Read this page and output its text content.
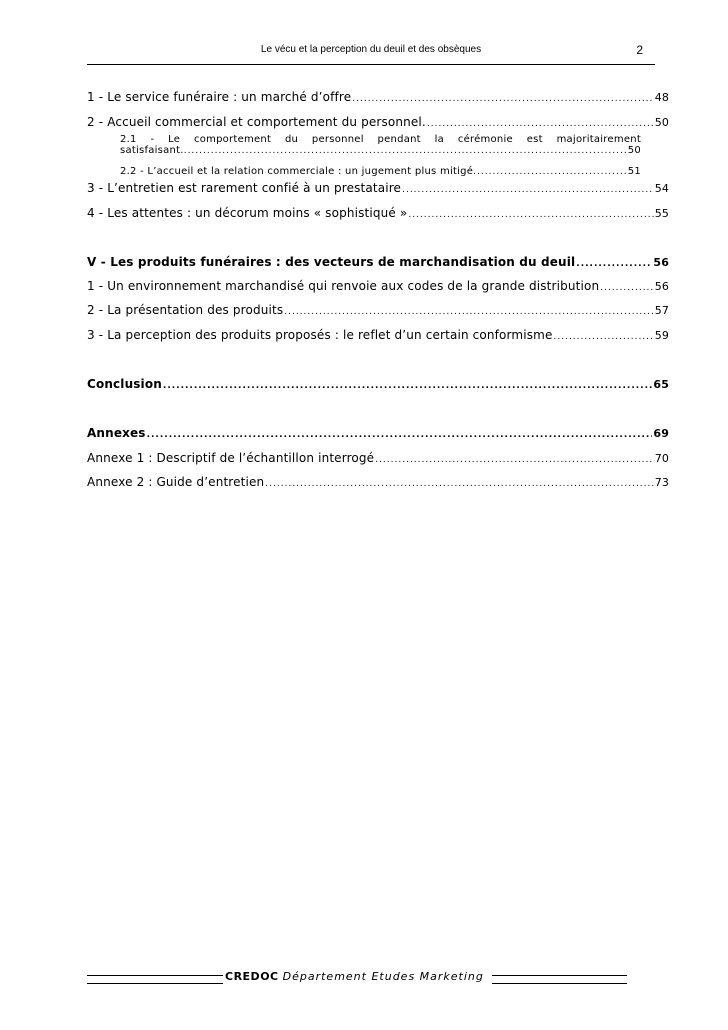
Le vécu et la perception du deuil et des obsèques	2
1 - Le service funéraire : un marché d’offre .....	48
2 - Accueil commercial et comportement du personnel. .....	50
2.1 - Le comportement du personnel pendant la cérémonie est majoritairement
satisfaisant. .....	50
2.2 - L’accueil et la relation commerciale : un jugement plus mitigé .....	51
3 - L’entretien est rarement confié à un prestataire .....	54
4 - Les attentes : un décorum moins « sophistiqué » .....	55
V - Les produits funéraires : des vecteurs de marchandisation du deuil .....	56
1 - Un environnement marchandisé qui renvoie aux codes de la grande distribution .....	56
2 - La présentation des produits .....	57
3 - La perception des produits proposés : le reflet d’un certain conformisme .....	59
Conclusion .....	65
Annexes .....	69
Annexe 1 : Descriptif de l’échantillon interrogé .....	70
Annexe 2 : Guide d’entretien .....	73
CREDOC Département Etudes Marketing
